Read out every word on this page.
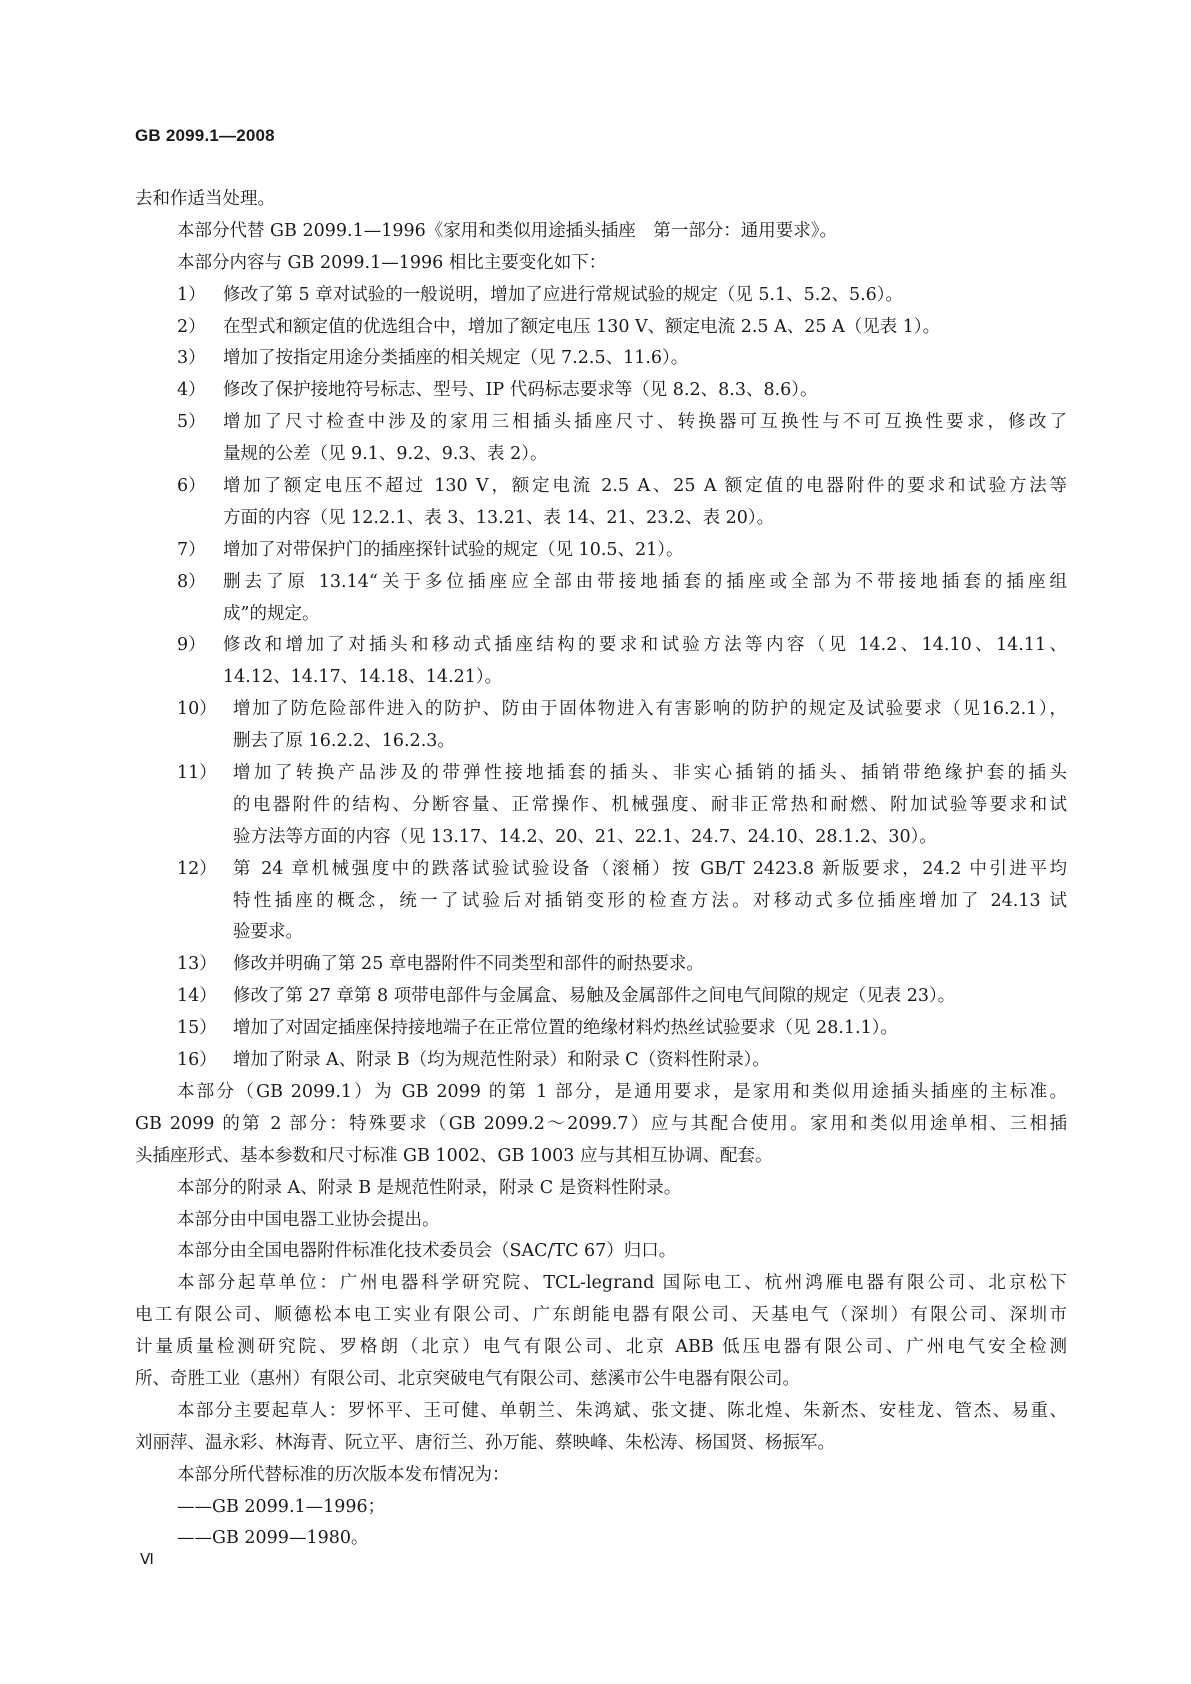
GB 2099.1—2008
去和作适当处理。
本部分代替 GB 2099.1—1996《家用和类似用途插头插座　第一部分：通用要求》。
本部分内容与 GB 2099.1—1996 相比主要变化如下：
1） 修改了第 5 章对试验的一般说明，增加了应进行常规试验的规定（见 5.1、5.2、5.6）。
2） 在型式和额定值的优选组合中，增加了额定电压 130 V、额定电流 2.5 A、25 A（见表 1）。
3） 增加了按指定用途分类插座的相关规定（见 7.2.5、11.6）。
4） 修改了保护接地符号标志、型号、IP 代码标志要求等（见 8.2、8.3、8.6）。
5） 增加了尺寸检查中涉及的家用三相插头插座尺寸、转换器可互换性与不可互换性要求，修改了
量规的公差（见 9.1、9.2、9.3、表 2）。
6） 增加了额定电压不超过 130 V，额定电流 2.5 A、25 A 额定值的电器附件的要求和试验方法等
方面的内容（见 12.2.1、表 3、13.21、表 14、21、23.2、表 20）。
7） 增加了对带保护门的插座探针试验的规定（见 10.5、21）。
8） 删去了原 13.14“关于多位插座应全部由带接地插套的插座或全部为不带接地插套的插座组
成”的规定。
9） 修改和增加了对插头和移动式插座结构的要求和试验方法等内容（见 14.2、14.10、14.11、
14.12、14.17、14.18、14.21）。
10） 增加了防危险部件进入的防护、防由于固体物进入有害影响的防护的规定及试验要求（见16.2.1），
删去了原 16.2.2、16.2.3。
11） 增加了转换产品涉及的带弹性接地插套的插头、非实心插销的插头、插销带绝缘护套的插头
的电器附件的结构、分断容量、正常操作、机械强度、耐非正常热和耐燃、附加试验等要求和试
验方法等方面的内容（见 13.17、14.2、20、21、22.1、24.7、24.10、28.1.2、30）。
12） 第 24 章机械强度中的跌落试验试验设备（滚桶）按 GB/T 2423.8 新版要求，24.2 中引进平均
特性插座的概念，统一了试验后对插销变形的检查方法。对移动式多位插座增加了 24.13 试
验要求。
13） 修改并明确了第 25 章电器附件不同类型和部件的耐热要求。
14） 修改了第 27 章第 8 项带电部件与金属盒、易触及金属部件之间电气间隙的规定（见表 23）。
15） 增加了对固定插座保持接地端子在正常位置的绝缘材料灼热丝试验要求（见 28.1.1）。
16） 增加了附录 A、附录 B（均为规范性附录）和附录 C（资料性附录）。
本部分（GB 2099.1）为 GB 2099 的第 1 部分，是通用要求，是家用和类似用途插头插座的主标准。
GB 2099 的第 2 部分：特殊要求（GB 2099.2～2099.7）应与其配合使用。家用和类似用途单相、三相插
头插座形式、基本参数和尺寸标准 GB 1002、GB 1003 应与其相互协调、配套。
本部分的附录 A、附录 B 是规范性附录，附录 C 是资料性附录。
本部分由中国电器工业协会提出。
本部分由全国电器附件标准化技术委员会（SAC/TC 67）归口。
本部分起草单位：广州电器科学研究院、TCL-legrand 国际电工、杭州鸿雁电器有限公司、北京松下
电工有限公司、顺德松本电工实业有限公司、广东朗能电器有限公司、天基电气（深圳）有限公司、深圳市
计量质量检测研究院、罗格朗（北京）电气有限公司、北京 ABB 低压电器有限公司、广州电气安全检测
所、奇胜工业（惠州）有限公司、北京突破电气有限公司、慈溪市公牛电器有限公司。
本部分主要起草人：罗怀平、王可健、单朝兰、朱鸿斌、张文捷、陈北煌、朱新杰、安桂龙、管杰、易重、
刘丽萍、温永彩、林海青、阮立平、唐衍兰、孙万能、蔡映峰、朱松涛、杨国贤、杨振军。
本部分所代替标准的历次版本发布情况为：
——GB 2099.1—1996；
——GB 2099—1980。
Ⅵ
